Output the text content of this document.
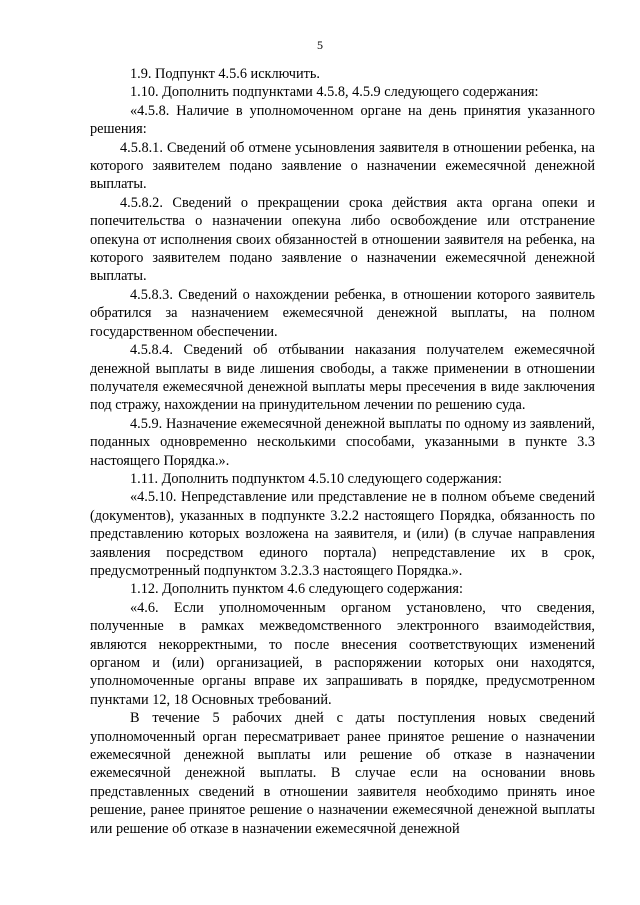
5

1.9. Подпункт 4.5.6 исключить.

1.10. Дополнить подпунктами 4.5.8, 4.5.9 следующего содержания:

«4.5.8. Наличие в уполномоченном органе на день принятия указанного решения:

4.5.8.1. Сведений об отмене усыновления заявителя в отношении ребенка, на которого заявителем подано заявление о назначении ежемесячной денежной выплаты.

4.5.8.2. Сведений о прекращении срока действия акта органа опеки и попечительства о назначении опекуна либо освобождение или отстранение опекуна от исполнения своих обязанностей в отношении заявителя на ребенка, на которого заявителем подано заявление о назначении ежемесячной денежной выплаты.

4.5.8.3. Сведений о нахождении ребенка, в отношении которого заявитель обратился за назначением ежемесячной денежной выплаты, на полном государственном обеспечении.

4.5.8.4. Сведений об отбывании наказания получателем ежемесячной денежной выплаты в виде лишения свободы, а также применении в отношении получателя ежемесячной денежной выплаты меры пресечения в виде заключения под стражу, нахождении на принудительном лечении по решению суда.

4.5.9. Назначение ежемесячной денежной выплаты по одному из заявлений, поданных одновременно несколькими способами, указанными в пункте 3.3 настоящего Порядка.».

1.11. Дополнить подпунктом 4.5.10 следующего содержания:

«4.5.10. Непредставление или представление не в полном объеме сведений (документов), указанных в подпункте 3.2.2 настоящего Порядка, обязанность по представлению которых возложена на заявителя, и (или) (в случае направления заявления посредством единого портала) непредставление их в срок, предусмотренный подпунктом 3.2.3.3 настоящего Порядка.».

1.12. Дополнить пунктом 4.6 следующего содержания:

«4.6. Если уполномоченным органом установлено, что сведения, полученные в рамках межведомственного электронного взаимодействия, являются некорректными, то после внесения соответствующих изменений органом и (или) организацией, в распоряжении которых они находятся, уполномоченные органы вправе их запрашивать в порядке, предусмотренном пунктами 12, 18 Основных требований.

В течение 5 рабочих дней с даты поступления новых сведений уполномоченный орган пересматривает ранее принятое решение о назначении ежемесячной денежной выплаты или решение об отказе в назначении ежемесячной денежной выплаты. В случае если на основании вновь представленных сведений в отношении заявителя необходимо принять иное решение, ранее принятое решение о назначении ежемесячной денежной выплаты или решение об отказе в назначении ежемесячной денежной
